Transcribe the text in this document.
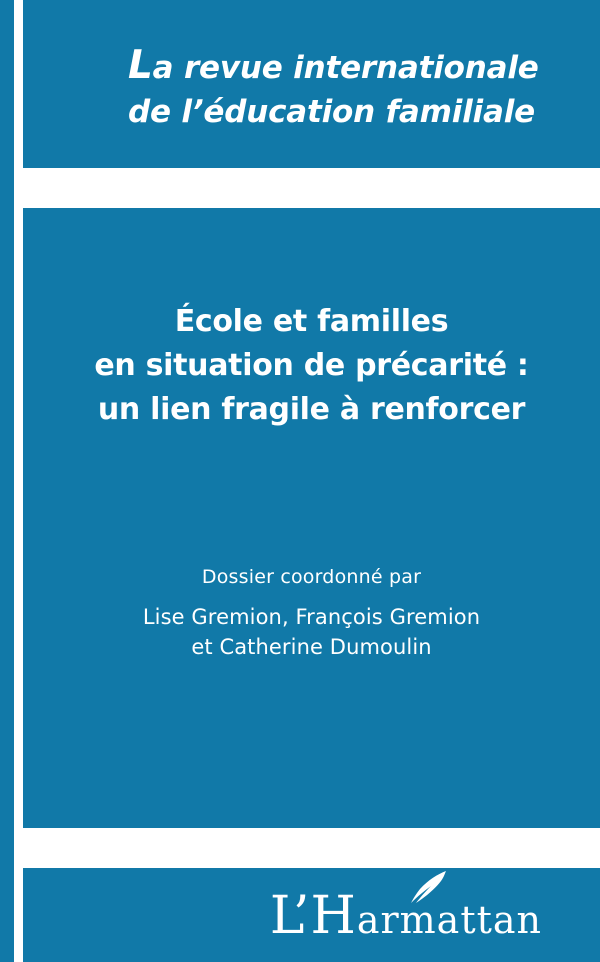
La revue internationale
de l’éducation familiale
École et familles
en situation de précarité :
un lien fragile à renforcer
Dossier coordonné par
Lise Gremion, François Gremion
et Catherine Dumoulin
L’Harmattan
